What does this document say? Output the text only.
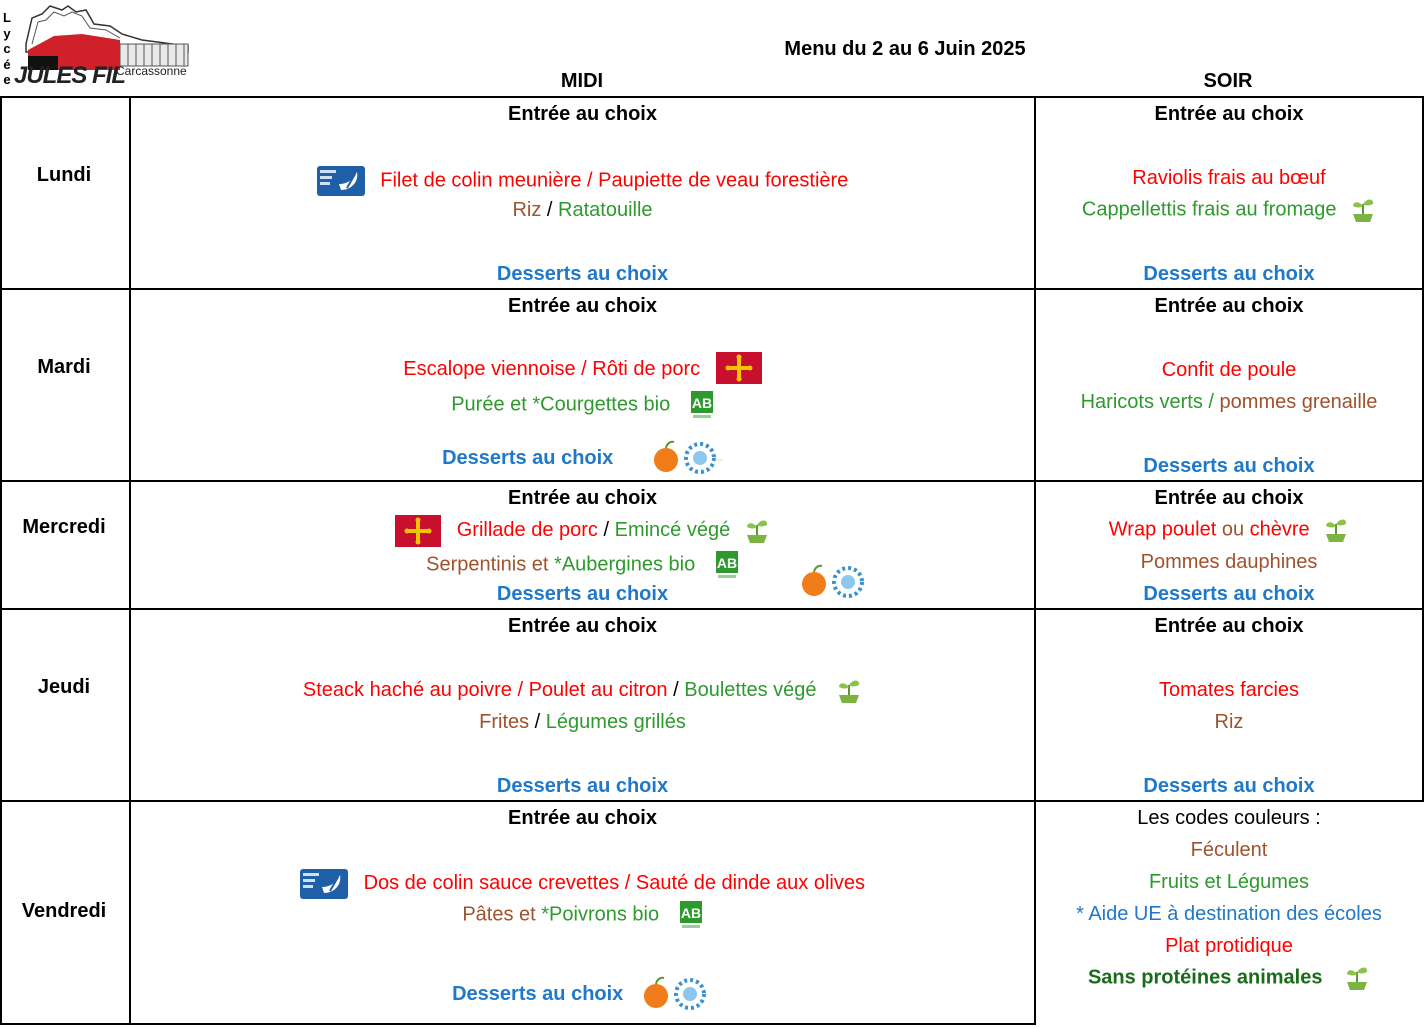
L
y
c
é
e JULES FIL
Carcassonne
Menu du 2 au 6 Juin 2025
MIDI	SOIR
Lundi
Mardi
Mercredi
Jeudi
Vendredi
Entrée au choix
Filet de colin meunière / Paupiette de veau forestière
Riz / Ratatouille
Desserts au choix
Entrée au choix
Raviolis frais au bœuf
Cappellettis frais au fromage
Desserts au choix
Entrée au choix
Escalope viennoise / Rôti de porc
Purée et *Courgettes bio AB
Desserts au choix
Entrée au choix
Confit de poule
Haricots verts / pommes grenaille
Desserts au choix
Entrée au choix
Grillade de porc / Emincé végé
Serpentinis et *Aubergines bio AB
Desserts au choix
Entrée au choix
Wrap poulet ou chèvre
Pommes dauphines
Desserts au choix
Entrée au choix
Steack haché au poivre / Poulet au citron / Boulettes végé
Frites / Légumes grillés
Desserts au choix
Entrée au choix
Tomates farcies
Riz
Desserts au choix
Entrée au choix
Dos de colin sauce crevettes / Sauté de dinde aux olives
Pâtes et *Poivrons bio AB
Desserts au choix
Les codes couleurs :
Féculent
Fruits et Légumes
* Aide UE à destination des écoles
Plat protidique
Sans protéines animales
